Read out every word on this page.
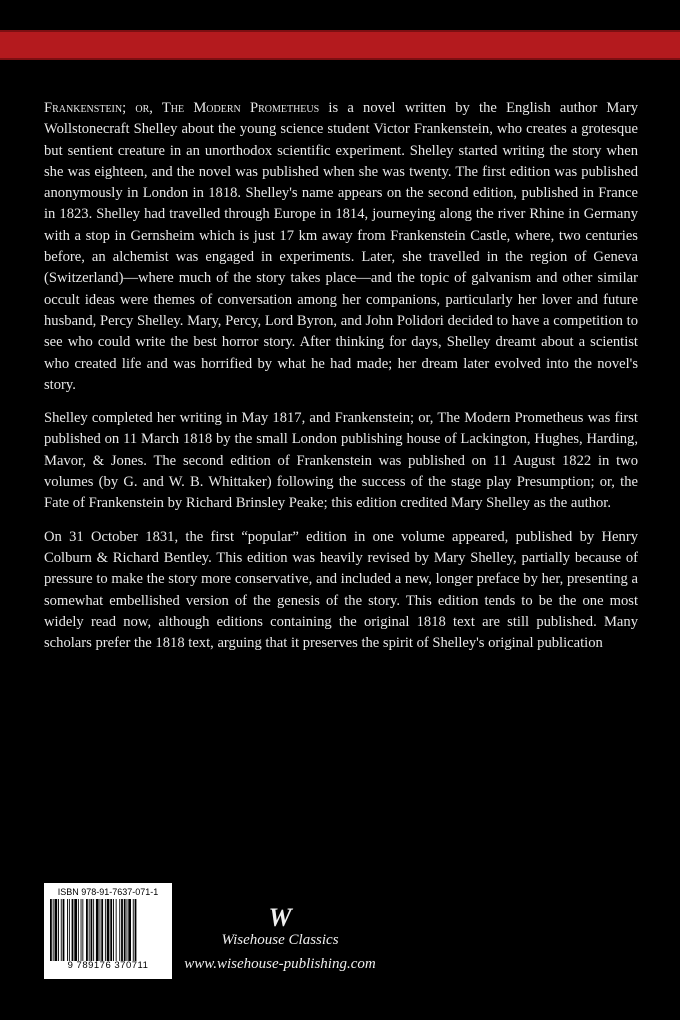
Frankenstein; or, The Modern Prometheus is a novel written by the English author Mary Wollstonecraft Shelley about the young science student Victor Frankenstein, who creates a grotesque but sentient creature in an unorthodox scientific experiment. Shelley started writing the story when she was eighteen, and the novel was published when she was twenty. The first edition was published anonymously in London in 1818. Shelley's name appears on the second edition, published in France in 1823. Shelley had travelled through Europe in 1814, journeying along the river Rhine in Germany with a stop in Gernsheim which is just 17 km away from Frankenstein Castle, where, two centuries before, an alchemist was engaged in experiments. Later, she travelled in the region of Geneva (Switzerland)—where much of the story takes place—and the topic of galvanism and other similar occult ideas were themes of conversation among her companions, particularly her lover and future husband, Percy Shelley. Mary, Percy, Lord Byron, and John Polidori decided to have a competition to see who could write the best horror story. After thinking for days, Shelley dreamt about a scientist who created life and was horrified by what he had made; her dream later evolved into the novel's story.

Shelley completed her writing in May 1817, and Frankenstein; or, The Modern Prometheus was first published on 11 March 1818 by the small London publishing house of Lackington, Hughes, Harding, Mavor, & Jones. The second edition of Frankenstein was published on 11 August 1822 in two volumes (by G. and W. B. Whittaker) following the success of the stage play Presumption; or, the Fate of Frankenstein by Richard Brinsley Peake; this edition credited Mary Shelley as the author.

On 31 October 1831, the first “popular” edition in one volume appeared, published by Henry Colburn & Richard Bentley. This edition was heavily revised by Mary Shelley, partially because of pressure to make the story more conservative, and included a new, longer preface by her, presenting a somewhat embellished version of the genesis of the story. This edition tends to be the one most widely read now, although editions containing the original 1818 text are still published. Many scholars prefer the 1818 text, arguing that it preserves the spirit of Shelley's original publication

ISBN 978-91-7637-071-1
9 789176 370711
W
Wisehouse Classics
www.wisehouse-publishing.com
